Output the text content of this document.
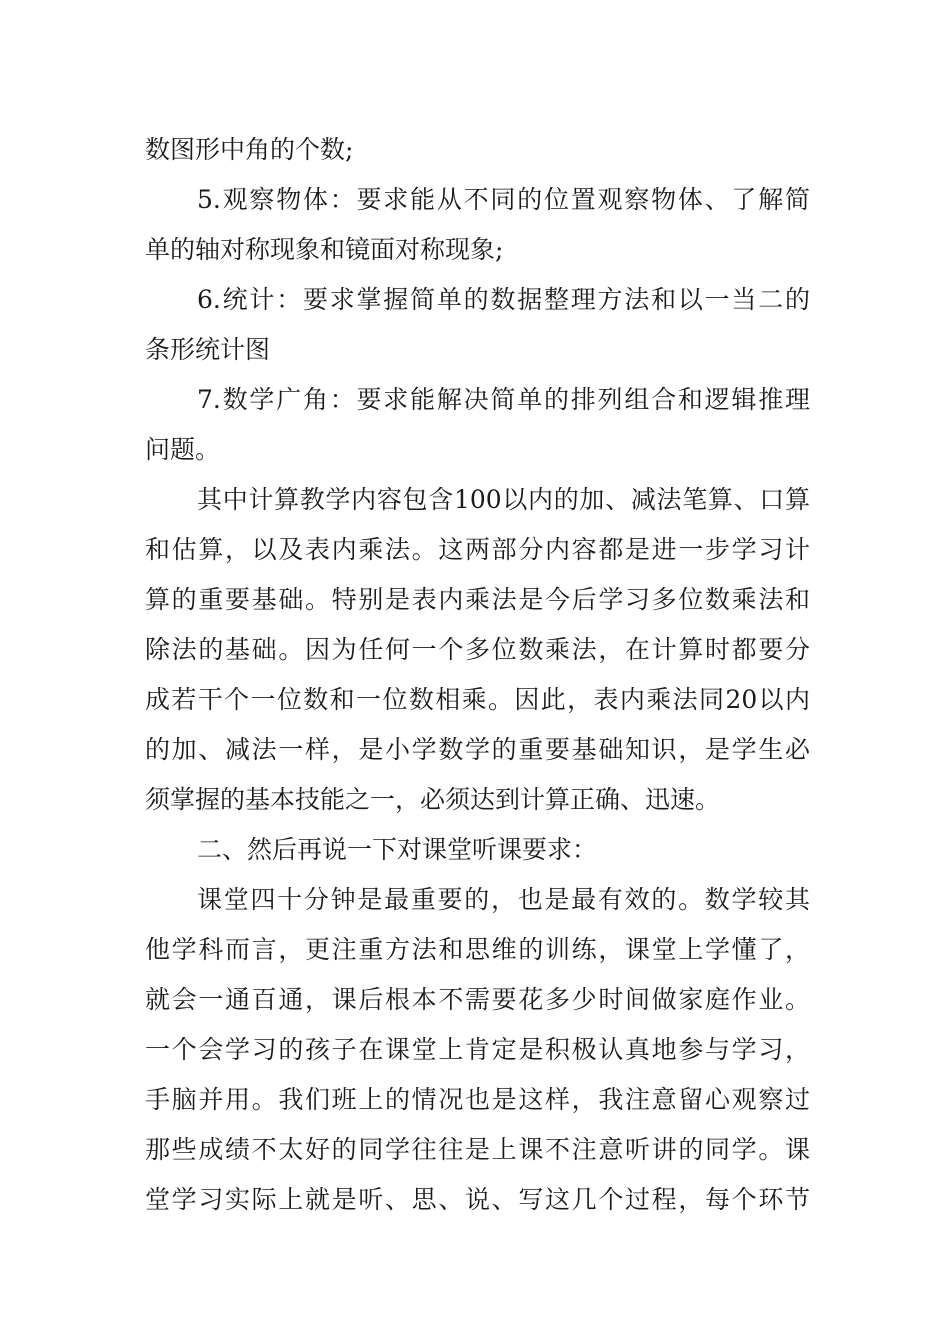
数图形中角的个数;
5.观察物体：要求能从不同的位置观察物体、了解简
单的轴对称现象和镜面对称现象;
6.统计：要求掌握简单的数据整理方法和以一当二的
条形统计图
7.数学广角：要求能解决简单的排列组合和逻辑推理
问题。
其中计算教学内容包含100以内的加、减法笔算、口算
和估算，以及表内乘法。这两部分内容都是进一步学习计
算的重要基础。特别是表内乘法是今后学习多位数乘法和
除法的基础。因为任何一个多位数乘法，在计算时都要分
成若干个一位数和一位数相乘。因此，表内乘法同20以内
的加、减法一样，是小学数学的重要基础知识，是学生必
须掌握的基本技能之一，必须达到计算正确、迅速。
二、然后再说一下对课堂听课要求：
课堂四十分钟是最重要的，也是最有效的。数学较其
他学科而言，更注重方法和思维的训练，课堂上学懂了，
就会一通百通，课后根本不需要花多少时间做家庭作业。
一个会学习的孩子在课堂上肯定是积极认真地参与学习，
手脑并用。我们班上的情况也是这样，我注意留心观察过
那些成绩不太好的同学往往是上课不注意听讲的同学。课
堂学习实际上就是听、思、说、写这几个过程，每个环节
